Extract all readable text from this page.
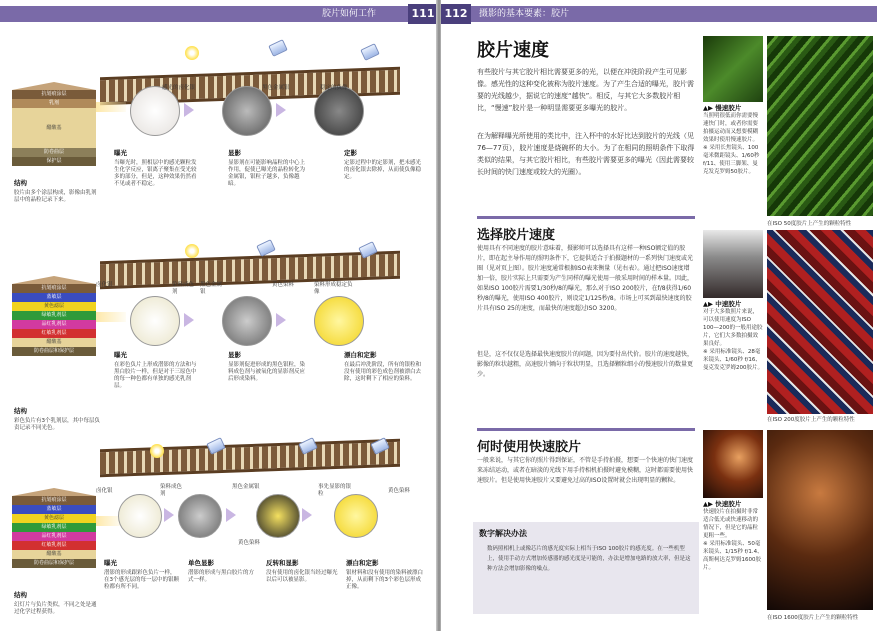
胶片如何工作	111
抗划痕涂层
乳剂
醋酸基
防卷曲层
保护层
感光的卤化银	黑色金属银	稳定的负像
结构
胶片由多个涂层构成，影像由乳剂层中的晶粒记录下来。
曝光
当曝光时，照相层中的感光颗粒发生化学反应，银离子聚集在受光较多的部分，但是，这种效果仍然看不见或者不稳定。
显影
显影剂在可能影响晶粒的中心上作用，促使已曝光的晶粒转化为金属银，银粒子越多，负像越暗。
定影
定影过程中的定影剂，把未感光的卤化银去除掉，从而使负像稳定。
抗划痕涂层
蓝敏层
黄色滤层
绿敏乳剂层
品红乳剂层
红敏乳剂层
醋酸基
防卷曲层和保护层
卤化银	染料成色剂
黑色金属银
黄色染料	染料形成稳定负像
结构
彩色负片有3个乳剂层，其中每层负责记录不同光色。
曝光
在彩色负片上形成潜影的方法和与黑白胶片一样，但是对于三原色中的每一种色都有单独的感光乳剂层。
显影
显影剂促进形成的黑色银粒，染料成色剂与被氧化的显影剂反应后形成染料。
漂白和定影
在最后冲洗阶段，所有的银粒和没有使用的彩色成色剂被漂白去除，这时剩下了相应的染料。
抗划痕涂层
蓝敏层
黄色滤层
绿敏乳剂层
品红乳剂层
红敏乳剂层
醋酸基
防卷曲层和保护层
卤化银
染料成色剂
黑色金属银
黄色染料
事先显影的银粒	黄色染料
结构
幻灯片与负片类似，不同之处是通过化学过程获得。
曝光
潜影的形成跟彩色负片一样，在3个感光层的每一层中的银颗粒都有所不同。
单色显影
潜影的形成与黑白胶片的方式一样。
反转和显影
没有使用的卤化银当经过曝光以后可以被显影。
漂白和定影
银材料和没有使用的染料被漂白掉，从而剩下的3个彩色层形成正像。
112	摄影的基本要素：胶片
胶片速度
有些胶片与其它胶片相比需要更多的光，以便在冲洗阶段产生可见影像。感光性的这种变化被称为胶片速度。为了产生合适的曝光，胶片需要的光线越少，据说它的速度“越快”。相反，与其它大多数胶片相比，“慢速”胶片是一种明显需要更多曝光的胶片。
在为解释曝光所使用的类比中，注入杯中的水好比达到胶片的光线（见76—77页），胶片速度是烧碗杯的大小。为了在相同的照明条件下取得类似的结果，与其它胶片相比，有些胶片需要更多的曝光（因此需要较长时间的快门速度或较大的光圈）。
选择胶片速度
使用具有不同速度的胶片意味着，摄影师可以选择具有这样一种ISO额定值的胶片，即在起主导作用的照明条件下，它提供适合于拍摄题材的一系列快门速度或光圈（见对页上图）。胶片速度通常根据ISO表来衡量（见右表）。通过把ISO速度增加一倍，胶片实际上只需要为产生同样的曝光使用一般采用时间的样本量。因此，如果ISO 100胶片需要1/30秒/8的曝光，那么对于ISO 200胶片，在f/8获得1/60秒/8的曝光，使用ISO 400胶片，则设定1/125秒/8。市场上可买到最快速度的胶片具有ISO 25的速度，而最快的速度超过ISO 3200。
但是，这不仅仅是选择最快速度胶片的问题，因为要付出代价。胶片的速度越快，影像的粒状越粗，高速胶片倾向于粒状明显，且选择颗粒细小的慢速胶片的数量更少。
何时使用快速胶片
一般来说，与其它你的照片得到保证，不管是手持拍摄，想要一个快速的快门速度来冻结运动，或者在暗淡的光线下用手持相机拍摄时避免模糊，这时都需要使用快速胶片。但是使用快速胶片又要避免过高的ISO设置时就会出现明显的颗粒。
数字解决办法
数码照相机上或像芯片的感光度实际上相当于ISO 100胶片的感光度。在一些机型上，使用手动方式增加传感器的感光度是可能的，办法是增加电路的放大率，但是这种方法会增加影像的噪点。
▲▶ 慢速胶片
当照明很低而你需要慢速快门时，或者你需要拍摄运动而又想要模糊效果时使用慢速胶片。
※ 采用长焦镜头、100毫米微距镜头、1/60秒 f/11、使用三脚架、曼克发克罗姆50胶片。
▲▶ 中速胶片
对于大多数照片来说，可以使用速度为ISO 100—200的一般用途胶片，它们大多数拍摄效果良好。
※ 采用标准镜头、28毫米镜头、1/60秒 f/16、曼克发克罗姆200胶片。
▲▶ 快速胶片
快速胶片在拍摄时非常适合低光或快速移动的情况下，但是它的晶粒更粗一些。
※ 采用标准镜头、50毫米镜头、1/15秒 f/1.4、高斯柯达克罗姆1600胶片。
在ISO 50度胶片上产生的颗粒特性
在ISO 200度胶片上产生的颗粒特性
在ISO 1600度胶片上产生的颗粒特性
